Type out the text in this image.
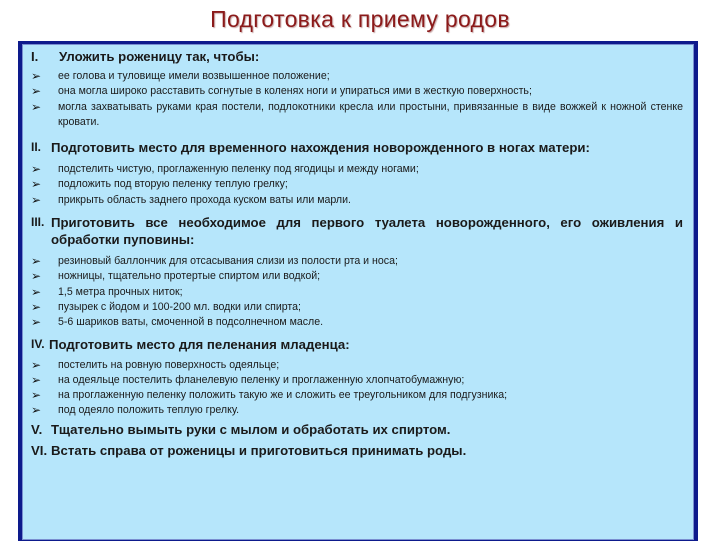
Подготовка к приему родов
I.	Уложить роженицу так, чтобы:
➢	ее голова и туловище имели возвышенное положение;
➢	она могла широко расставить согнутые в коленях ноги и упираться ими в жесткую поверхность;
➢	могла захватывать руками края постели, подлокотники кресла или простыни, привязанные в виде вожжей к ножной стенке кровати.
II. Подготовить место для временного нахождения новорожденного в ногах матери:
➢	подстелить чистую, проглаженную пеленку под ягодицы и между ногами;
➢	подложить под вторую пеленку теплую грелку;
➢	прикрыть область заднего прохода куском ваты или марли.
III. Приготовить все необходимое для первого туалета новорожденного, его оживления и обработки пуповины:
➢	резиновый баллончик для отсасывания слизи из полости рта и носа;
➢	ножницы, тщательно протертые спиртом или водкой;
➢	1,5 метра прочных ниток;
➢	пузырек с йодом и 100-200 мл. водки или спирта;
➢	5-6 шариков ваты, смоченной в подсолнечном масле.
IV. Подготовить место для пеленания младенца:
➢	постелить на ровную поверхность одеяльце;
➢	на одеяльце постелить фланелевую пеленку и проглаженную хлопчатобумажную;
➢	на проглаженную пеленку положить такую же и сложить ее треугольником для подгузника;
➢	под одеяло положить теплую грелку.
V. Тщательно вымыть руки с мылом и обработать их спиртом.
VI. Встать справа от роженицы и приготовиться принимать роды.
